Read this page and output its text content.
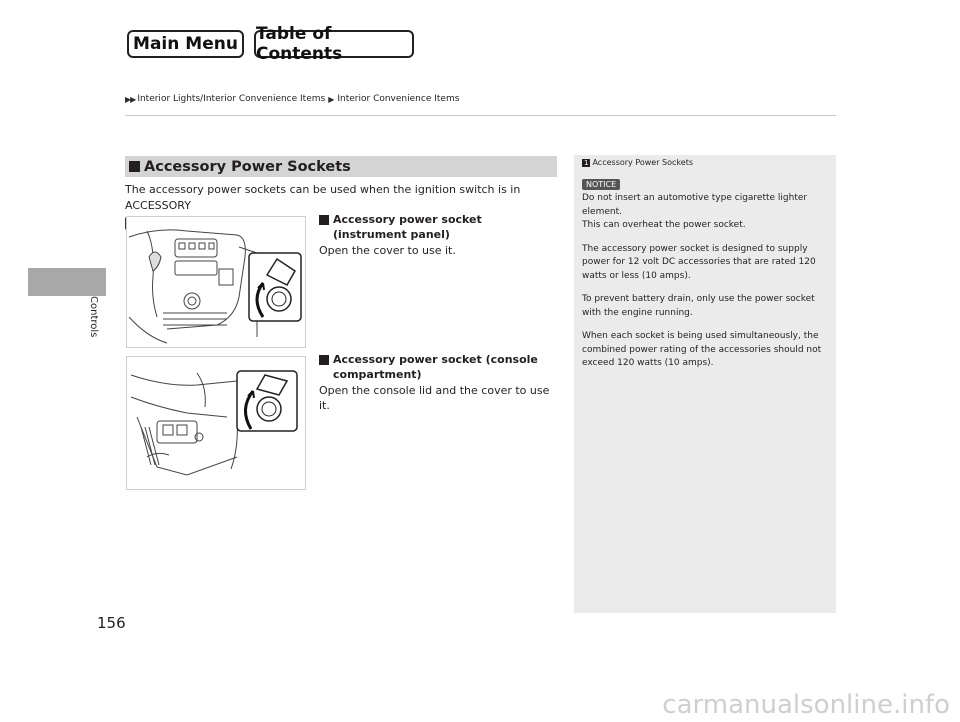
Main Menu	Table of Contents
▶▶ Interior Lights/Interior Convenience Items ▶ Interior Convenience Items
Controls
156
Accessory Power Sockets
The accessory power sockets can be used when the ignition switch is in ACCESSORY

Accessory power socket (instrument panel)
Open the cover to use it.
Accessory power socket (console compartment)
Open the console lid and the cover to use it.
1 Accessory Power Sockets
NOTICE
Do not insert an automotive type cigarette lighter element.
This can overheat the power socket.
The accessory power socket is designed to supply power for 12 volt DC accessories that are rated 120 watts or less (10 amps).
To prevent battery drain, only use the power socket with the engine running.
When each socket is being used simultaneously, the combined power rating of the accessories should not exceed 120 watts (10 amps).
carmanualsonline.info
